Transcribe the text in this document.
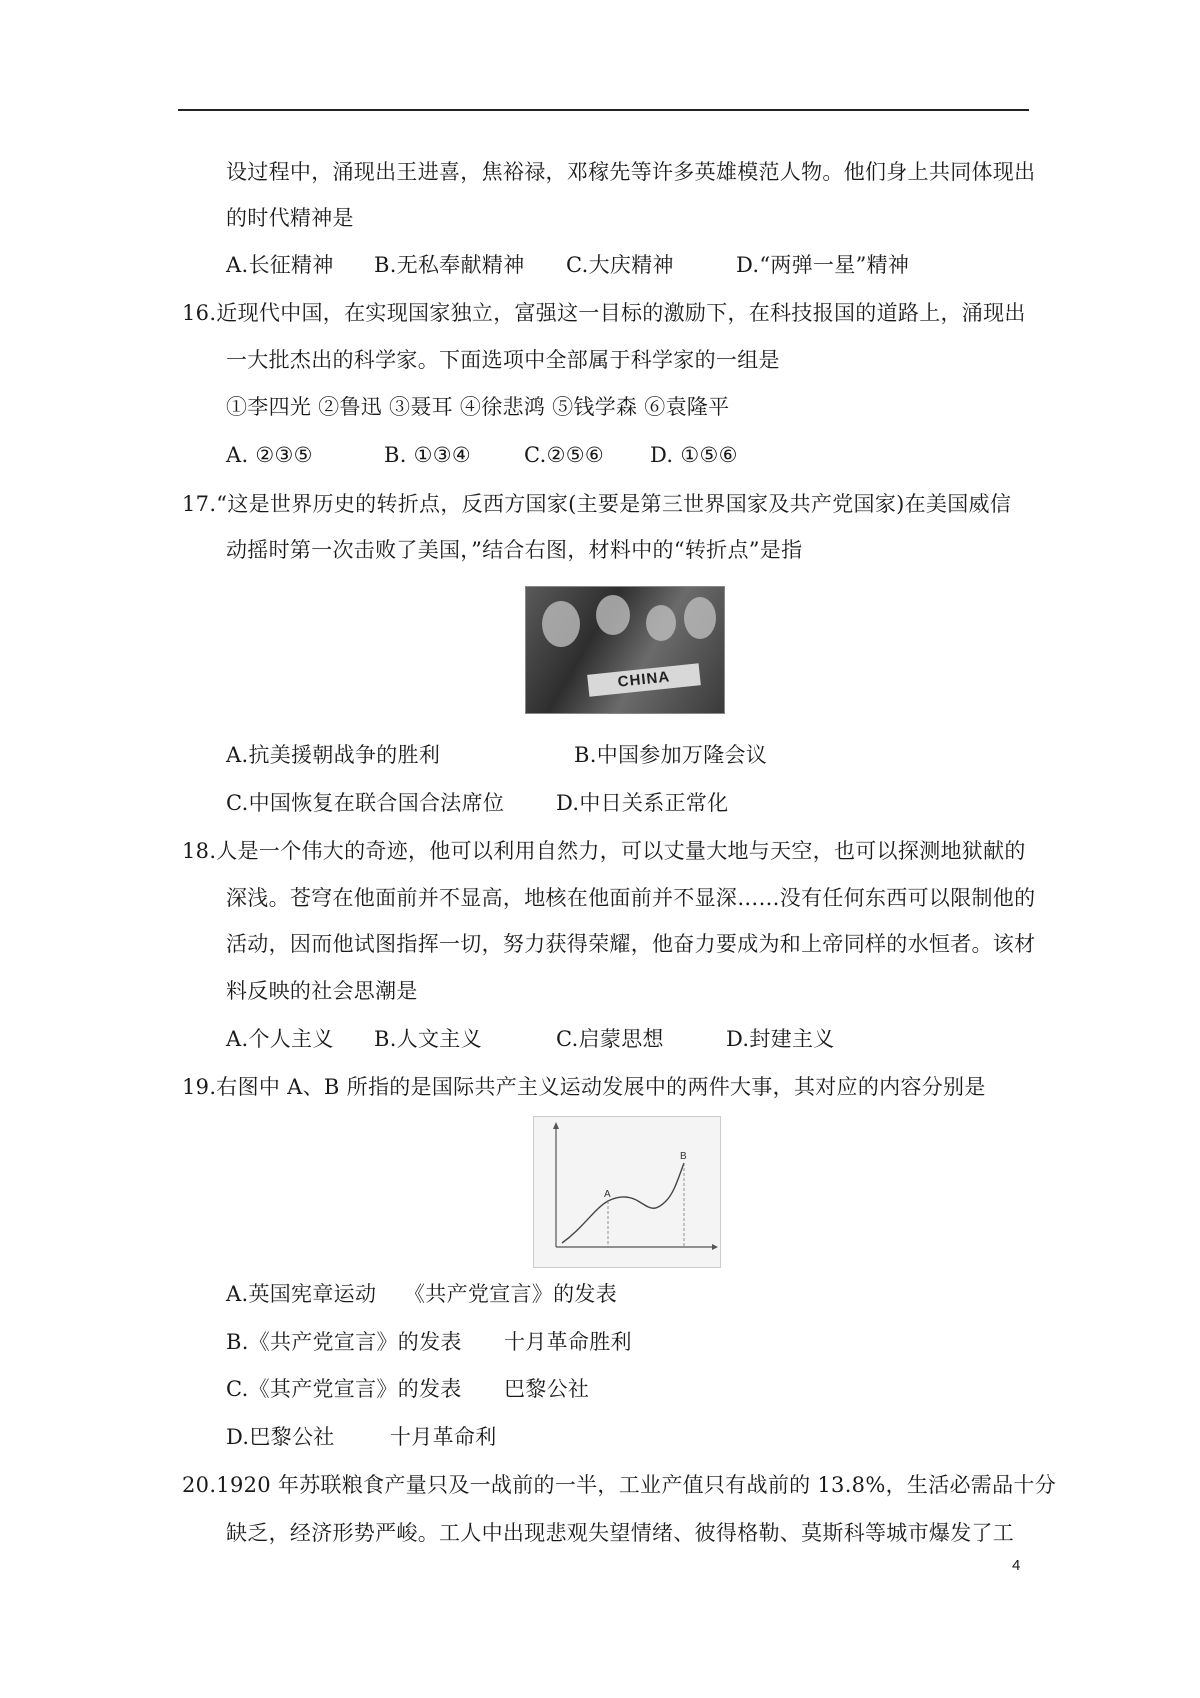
设过程中，涌现出王进喜，焦裕禄，邓稼先等许多英雄模范人物。他们身上共同体现出
的时代精神是
A.长征精神 B.无私奉献精神 C.大庆精神	D.“两弹一星”精神
16.近现代中国，在实现国家独立，富强这一目标的激励下，在科技报国的道路上，涌现出
一大批杰出的科学家。下面选项中全部属于科学家的一组是
①李四光 ②鲁迅 ③聂耳 ④徐悲鸿 ⑤钱学森 ⑥袁隆平
A. ②③⑤	B. ①③④	C.②⑤⑥ D. ①⑤⑥
17.“这是世界历史的转折点，反西方国家(主要是第三世界国家及共产党国家)在美国威信
动摇时第一次击败了美国，”结合右图，材料中的“转折点”是指
CHINA
A.抗美援朝战争的胜利	B.中国参加万隆会议
C.中国恢复在联合国合法席位 D.中日关系正常化
18.人是一个伟大的奇迹，他可以利用自然力，可以丈量大地与天空，也可以探测地狱献的
深浅。苍穹在他面前并不显高，地核在他面前并不显深……没有任何东西可以限制他的
活动，因而他试图指挥一切，努力获得荣耀，他奋力要成为和上帝同样的水恒者。该材
料反映的社会思潮是
A.个人主义 B.人文主义	C.启蒙思想	D.封建主义
19.右图中 A、B 所指的是国际共产主义运动发展中的两件大事，其对应的内容分别是
A
B
A.英国宪章运动 《共产党宣言》的发表
B.《共产党宣言》的发表 十月革命胜利
C.《其产党宣言》的发表 巴黎公社
D.巴黎公社	十月革命利
20.1920 年苏联粮食产量只及一战前的一半，工业产值只有战前的 13.8%，生活必需品十分
缺乏，经济形势严峻。工人中出现悲观失望情绪、彼得格勒、莫斯科等城市爆发了工
4
